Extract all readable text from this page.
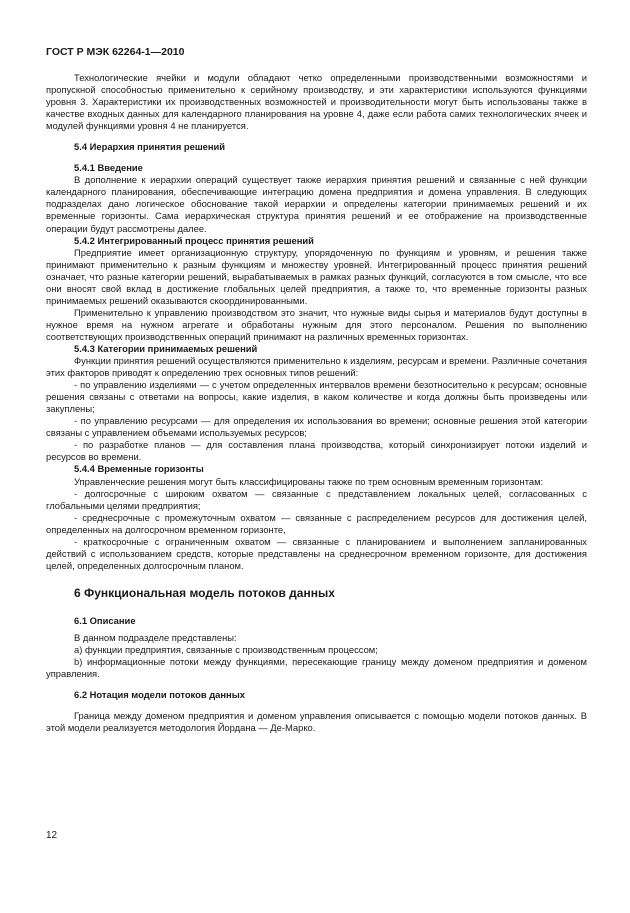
ГОСТ Р МЭК 62264-1—2010

Технологические ячейки и модули обладают четко определенными производственными возможностями и пропускной способностью применительно к серийному производству, и эти характеристики используются функциями уровня 3. Характеристики их производственных возможностей и производительности могут быть использованы также в качестве входных данных для календарного планирования на уровне 4, даже если работа самих технологических ячеек и модулей функциями уровня 4 не планируется.

5.4 Иерархия принятия решений
5.4.1 Введение

В дополнение к иерархии операций существует также иерархия принятия решений и связанные с ней функции календарного планирования, обеспечивающие интеграцию домена предприятия и домена управления. В следующих подразделах дано логическое обоснование такой иерархии и определены категории принимаемых решений и их временные горизонты. Сама иерархическая структура принятия решений и ее отображение на производственные операции будут рассмотрены далее.

5.4.2 Интегрированный процесс принятия решений

Предприятие имеет организационную структуру, упорядоченную по функциям и уровням, и решения также принимают применительно к разным функциям и множеству уровней. Интегрированный процесс принятия решений означает, что разные категории решений, вырабатываемых в рамках разных функций, согласуются в том смысле, что все они вносят свой вклад в достижение глобальных целей предприятия, а также то, что временные горизонты разных принимаемых решений оказываются скоординированными.

Применительно к управлению производством это значит, что нужные виды сырья и материалов будут доступны в нужное время на нужном агрегате и обработаны нужным для этого персоналом. Решения по выполнению соответствующих производственных операций принимают на различных временных горизонтах.

5.4.3 Категории принимаемых решений

Функции принятия решений осуществляются применительно к изделиям, ресурсам и времени. Различные сочетания этих факторов приводят к определению трех основных типов решений:

- по управлению изделиями — с учетом определенных интервалов времени безотносительно к ресурсам; основные решения связаны с ответами на вопросы, какие изделия, в каком количестве и когда должны быть произведены или закуплены;

- по управлению ресурсами — для определения их использования во времени; основные решения этой категории связаны с управлением объемами используемых ресурсов;

- по разработке планов — для составления плана производства, который синхронизирует потоки изделий и ресурсов во времени.

5.4.4 Временные горизонты

Управленческие решения могут быть классифицированы также по трем основным временным горизонтам:

- долгосрочные с широким охватом — связанные с представлением локальных целей, согласованных с глобальными целями предприятия;

- среднесрочные с промежуточным охватом — связанные с распределением ресурсов для достижения целей, определенных на долгосрочном временном горизонте,

- краткосрочные с ограниченным охватом — связанные с планированием и выполнением запланированных действий с использованием средств, которые представлены на среднесрочном временном горизонте, для достижения целей, определенных долгосрочным планом.

6 Функциональная модель потоков данных
6.1 Описание

В данном подразделе представлены:

a) функции предприятия, связанные с производственным процессом;

b) информационные потоки между функциями, пересекающие границу между доменом предприятия и доменом управления.

6.2 Нотация модели потоков данных

Граница между доменом предприятия и доменом управления описывается с помощью модели потоков данных. В этой модели реализуется методология Йордана — Де-Марко.

12
